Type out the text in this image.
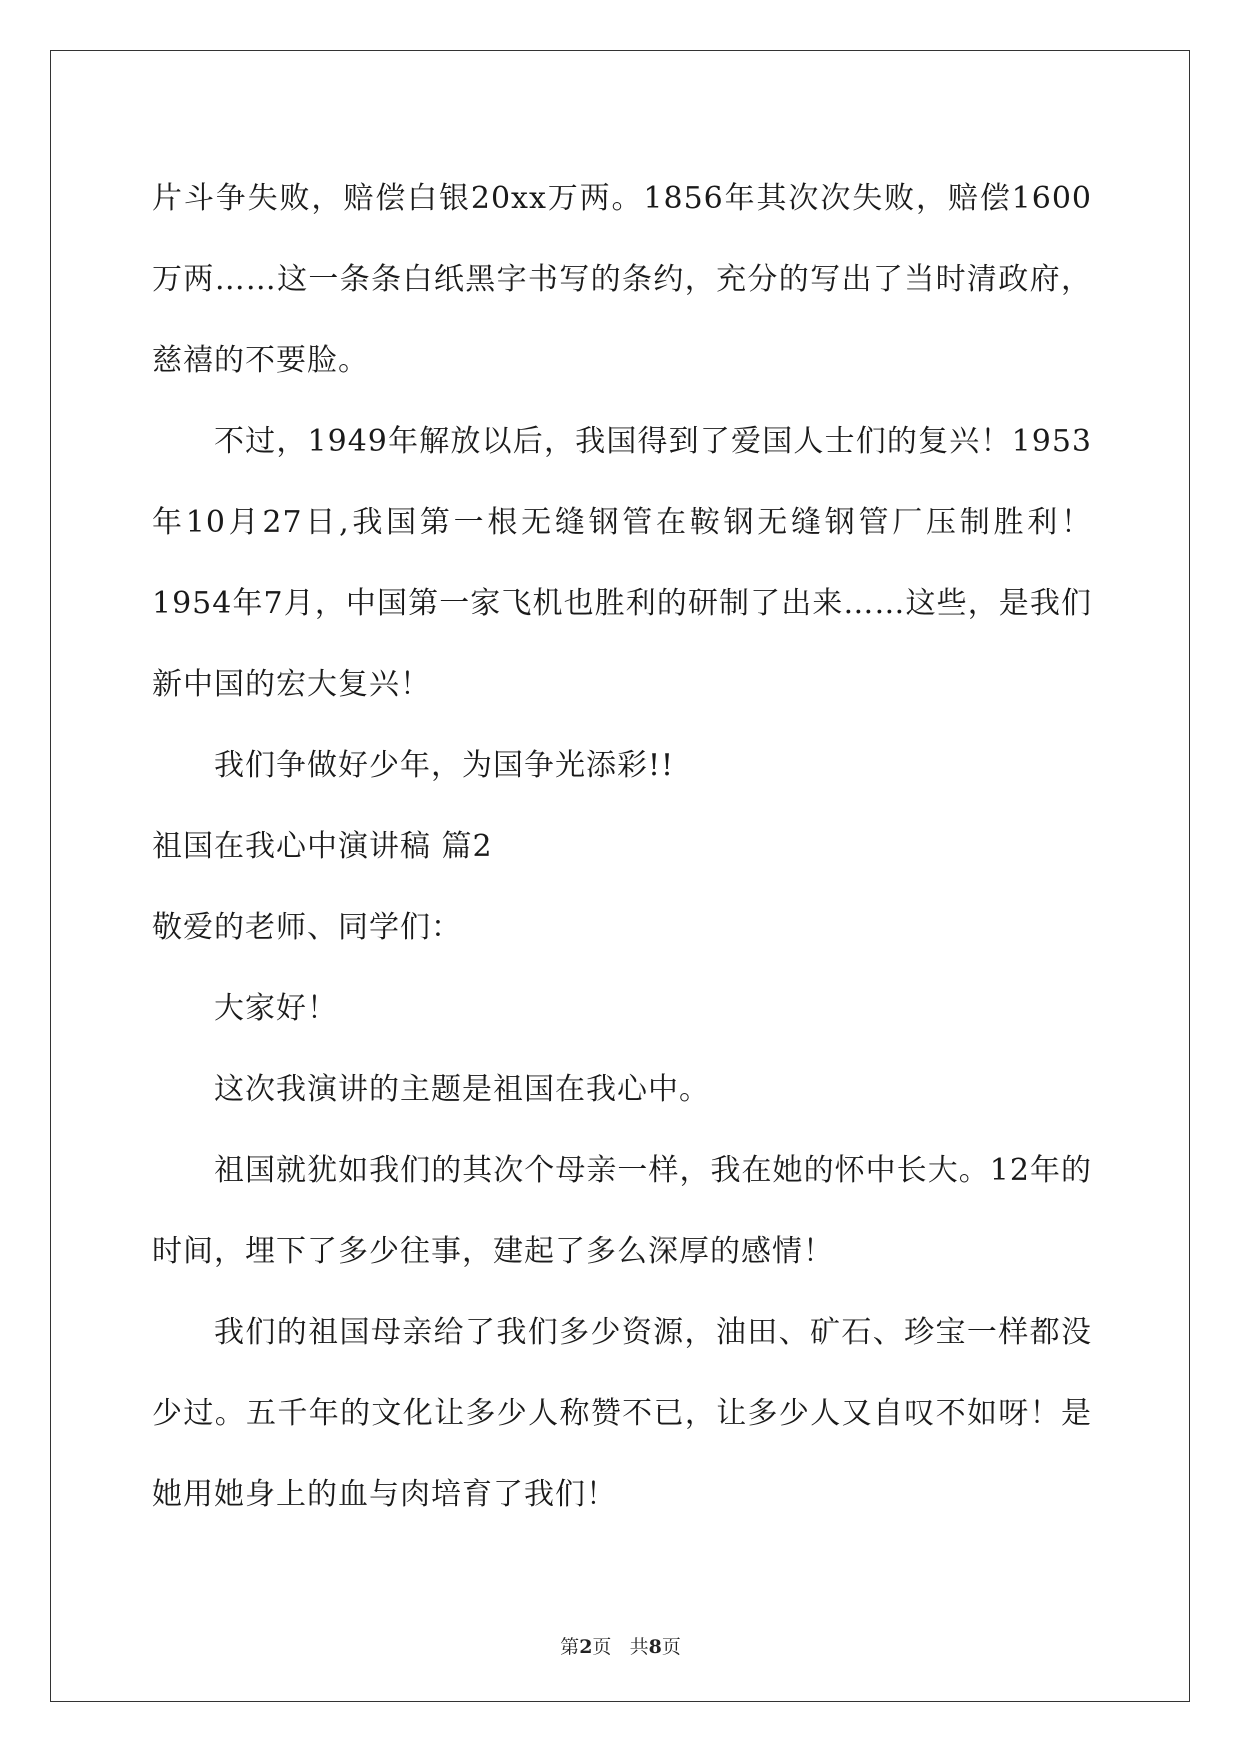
片斗争失败，赔偿白银20xx万两。1856年其次次失败，赔偿1600万两……这一条条白纸黑字书写的条约，充分的写出了当时清政府，慈禧的不要脸。

不过，1949年解放以后，我国得到了爱国人士们的复兴！1953年10月27日,我国第一根无缝钢管在鞍钢无缝钢管厂压制胜利！1954年7月，中国第一家飞机也胜利的研制了出来……这些，是我们新中国的宏大复兴！

我们争做好少年，为国争光添彩!!

祖国在我心中演讲稿 篇2

敬爱的老师、同学们：

大家好！

这次我演讲的主题是祖国在我心中。

祖国就犹如我们的其次个母亲一样，我在她的怀中长大。12年的时间，埋下了多少往事，建起了多么深厚的感情！

我们的祖国母亲给了我们多少资源，油田、矿石、珍宝一样都没少过。五千年的文化让多少人称赞不已，让多少人又自叹不如呀！是她用她身上的血与肉培育了我们！

第2页 共8页
